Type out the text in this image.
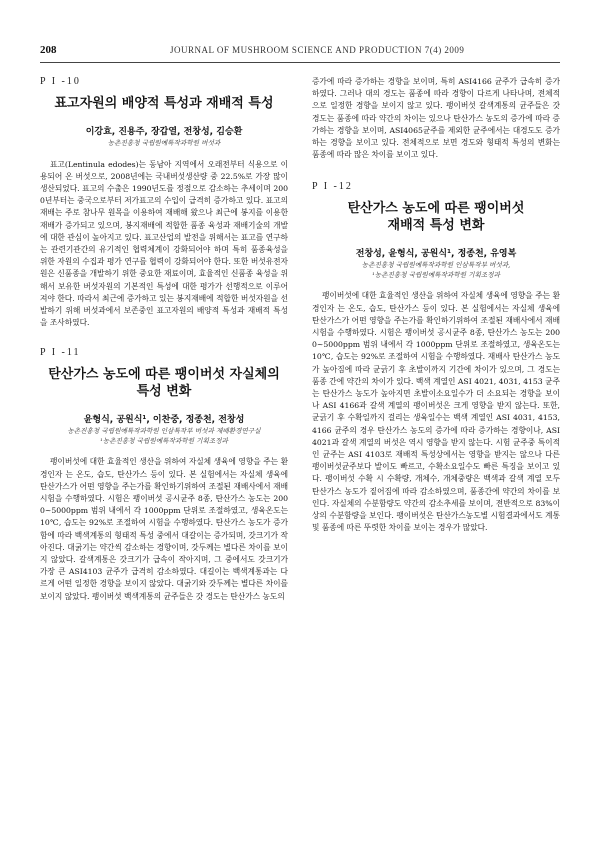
208	JOURNAL OF MUSHROOM SCIENCE AND PRODUCTION 7(4) 2009

P I -10

표고자원의 배양적 특성과 재배적 특성

이강효, 진용주, 장갑열, 전창성, 김승환

농촌진흥청 국립원예특작과학원 버섯과

표고(Lentinula edodes)는 동남아 지역에서 오래전부터 식용으로 이용되어 온 버섯으로, 2008년에는 국내버섯생산량 중 22.5%로 가장 많이 생산되었다. 표고의 수출은 1990년도를 정점으로 감소하는 추세이며 2000년부터는 중국으로부터 저가표고의 수입이 급격히 증가하고 있다. 표고의 재배는 주로 참나무 원목을 이용하여 재배해 왔으나 최근에 봉지를 이용한 재배가 증가되고 있으며, 봉지재배에 적합한 품종 육성과 재배기술의 개발에 대한 관심이 높아지고 있다. 표고산업의 발전을 위해서는 표고를 연구하는 관련기관간의 유기적인 협력체계이 강화되어야 하며 특히 품종육성을 위한 자원의 수집과 평가 연구를 협력이 강화되어야 한다. 또한 버섯유전자원은 신품종을 개발하기 위한 중요한 재료이며, 효율적인 신품종 육성을 위해서 보유한 버섯자원의 기본적인 특성에 대한 평가가 선행적으로 이루어져야 한다. 따라서 최근에 증가하고 있는 봉지재배에 적합한 버섯자원을 선발하기 위해 버섯과에서 보존중인 표고자원의 배양적 특성과 재배적 특성을 조사하였다.

P I -11

탄산가스 농도에 따른 팽이버섯 자실체의 특성 변화

윤형식, 공원식¹, 이찬중, 정종천, 전창성

농촌진흥청 국립원예특작과학원 인삼특작부 버섯과 재배환경연구실
¹농촌진흥청 국립원예특작과학원 기획조정과

팽이버섯에 대한 효율적인 생산을 위하여 자실체 생육에 영향을 주는 환경인자 는 온도, 습도, 탄산가스 등이 있다. 본 실험에서는 자실체 생육에 탄산가스가 어떤 영향을 주는가를 확인하기위하여 조절된 재배사에서 재배시험을 수행하였다. 시험은 팽이버섯 공시균주 8종, 탄산가스 농도는 2000~5000ppm 범위 내에서 각 1000ppm 단위로 조절하였고, 생육온도는 10℃, 습도는 92%로 조절하여 시험을 수행하였다. 탄산가스 농도가 증가함에 따라 백색계통의 형태적 특성 중에서 대갈이는 증가되며, 갓크기가 작아진다. 대굵기는 약간씩 감소하는 경향이며, 갓두께는 별다른 차이를 보이지 않았다. 갈색계통은 갓크기가 급속이 작아지며, 그 중에서도 갓크기가 가장 큰 ASI4103 균주가 급격히 감소하였다. 대길이는 백색계통과는 다르게 어떤 일정한 경향을 보이지 않았다. 대굵기와 갓두께는 별다른 차이를 보이지 않았다. 팽이버섯 백색계통의 균주들은 갓 경도는 탄산가스 농도의

증가에 따라 증가하는 경향을 보이며, 특히 ASI4166 균주가 급속히 증가하였다. 그러나 대의 경도는 품종에 따라 경향이 다르게 나타나며, 전체적으로 일정한 경향을 보이지 않고 있다. 팽이버섯 갈색계통의 균주들은 갓 경도는 품종에 따라 약간의 차이는 있으나 탄산가스 농도의 증가에 따라 증가하는 경향을 보이며, ASI4065균주를 제외한 균주에서는 대경도도 증가하는 경향을 보이고 있다. 전체적으로 보면 경도와 형태적 특성의 변화는 품종에 따라 많은 차이를 보이고 있다.

P I -12

탄산가스 농도에 따른 팽이버섯
재배적 특성 변화

전창성, 윤형식, 공원식¹, 정종천, 유영복

농촌진흥청 국립원예특작과학원 인삼특작부 버섯과,
¹농촌진흥청 국립원예특작과학원 기획조정과

팽이버섯에 대한 효율적인 생산을 위하여 자실체 생육에 영향을 주는 환경인자 는 온도, 습도, 탄산가스 등이 있다. 본 실험에서는 자실체 생육에 탄산가스가 어떤 영향을 주는가를 확인하기위하여 조절된 재배사에서 재배시험을 수행하였다. 시험은 팽이버섯 공시균주 8종, 탄산가스 농도는 2000~5000ppm 범위 내에서 각 1000ppm 단위로 조절하였고, 생육온도는 10℃, 습도는 92%로 조절하여 시험을 수행하였다. 재배사 탄산가스 농도가 높아짐에 따라 균긁기 후 초발이까지 기간에 차이가 있으며, 그 경도는 품종 간에 약간의 차이가 있다. 백색 계열인 ASI 4021, 4031, 4153 균주는 탄산가스 농도가 높아지면 초발이소요일수가 더 소요되는 경향을 보이나 ASI 4166과 갈색 계열의 팽이버섯은 크게 영향을 받지 않는다. 또한, 균긁기 후 수확일까지 걸리는 생육일수는 백색 계열인 ASI 4031, 4153, 4166 균주의 경우 탄산가스 농도의 증가에 따라 증가하는 경향이나, ASI 4021과 갈색 계열의 버섯은 역시 영향을 받지 않는다. 시험 균주중 특이적인 균주는 ASI 4103로 재배적 특성상에서는 영향을 받지는 않으나 다른 팽이버섯균주보다 발이도 빠르고, 수확소요일수도 빠른 특징을 보이고 있다. 팽이버섯 수확 시 수확량, 개체수, 개체중량은 백색과 갈색 계열 모두 탄산가스 농도가 짙어짐에 따라 감소하였으며, 품종간에 약간의 차이를 보인다. 자실체의 수분함량도 약간의 감소추세를 보이며, 전반적으로 83%이상의 수분함량을 보인다. 팽이버섯은 탄산가스농도별 시험결과에서도 계통 및 품종에 따른 뚜렷한 차이를 보이는 경우가 많았다.
